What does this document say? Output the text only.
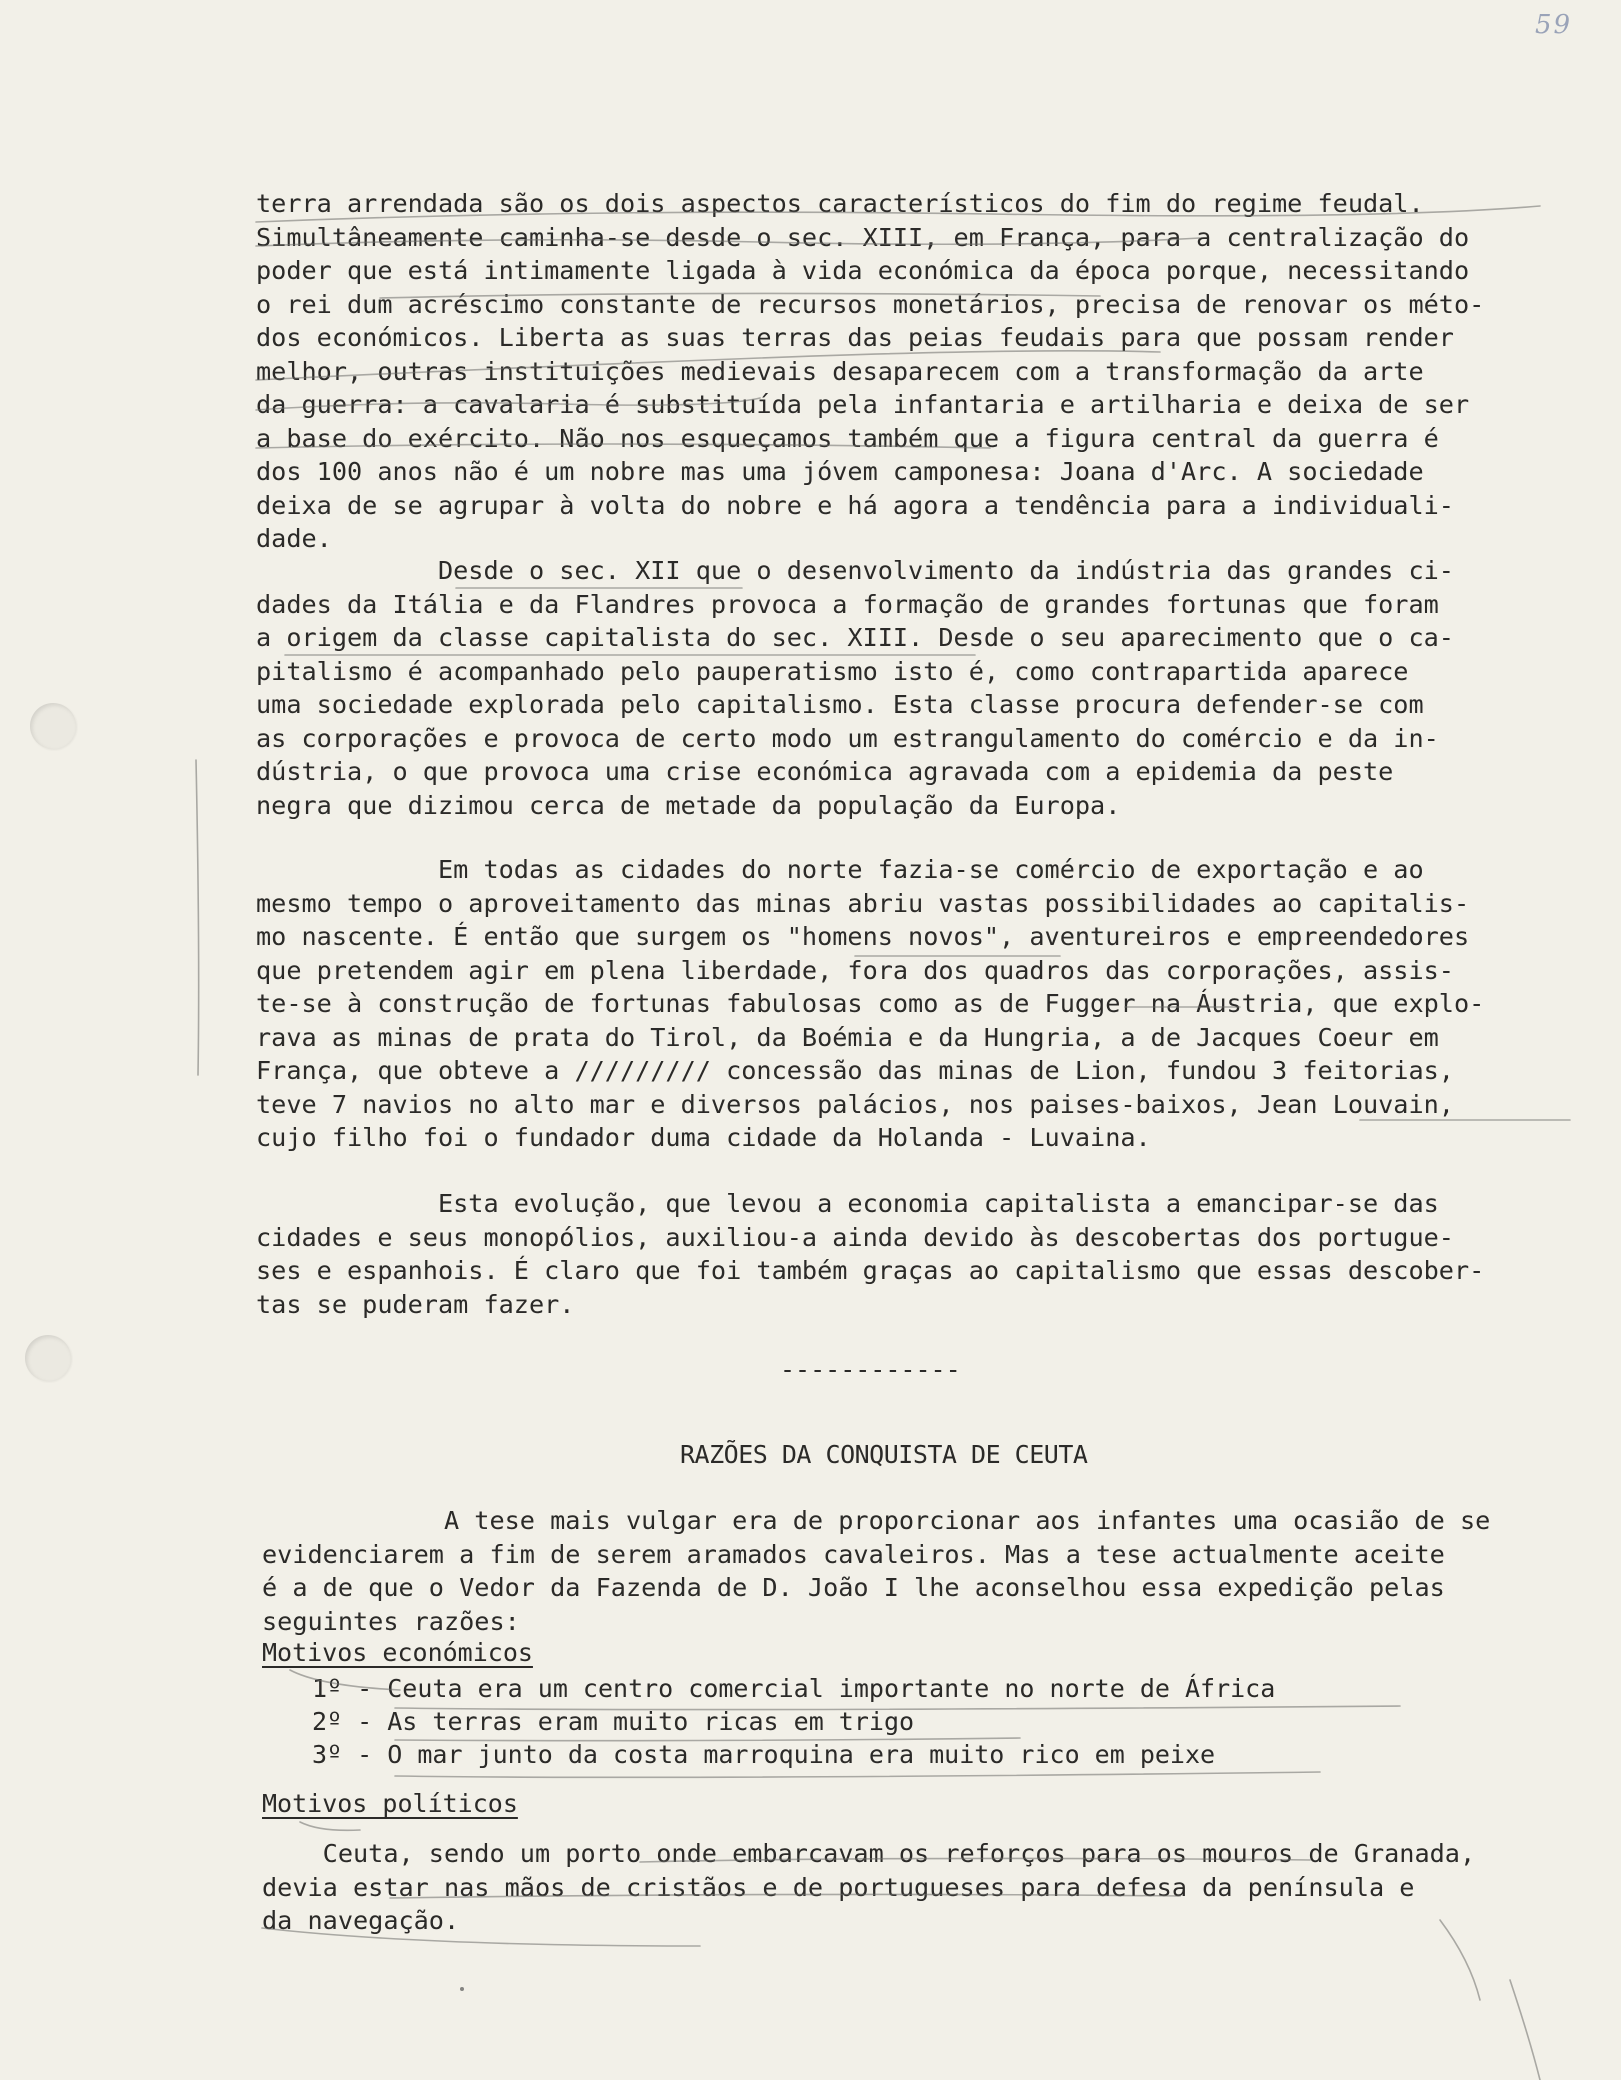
59
terra arrendada são os dois aspectos característicos do fim do regime feudal.
Simultâneamente caminha-se desde o sec. XIII, em França, para a centralização do
poder que está intimamente ligada à vida económica da época porque, necessitando
o rei dum acréscimo constante de recursos monetários, precisa de renovar os méto-
dos económicos. Liberta as suas terras das peias feudais para que possam render
melhor, outras instituições medievais desaparecem com a transformação da arte
da guerra: a cavalaria é substituída pela infantaria e artilharia e deixa de ser
a base do exército. Não nos esqueçamos também que a figura central da guerra é
dos 100 anos não é um nobre mas uma jóvem camponesa: Joana d'Arc. A sociedade
deixa de se agrupar à volta do nobre e há agora a tendência para a individuali-
dade.
Desde o sec. XII que o desenvolvimento da indústria das grandes ci-
dades da Itália e da Flandres provoca a formação de grandes fortunas que foram
a origem da classe capitalista do sec. XIII. Desde o seu aparecimento que o ca-
pitalismo é acompanhado pelo pauperatismo isto é, como contrapartida aparece
uma sociedade explorada pelo capitalismo. Esta classe procura defender-se com
as corporações e provoca de certo modo um estrangulamento do comércio e da in-
dústria, o que provoca uma crise económica agravada com a epidemia da peste
negra que dizimou cerca de metade da população da Europa.
Em todas as cidades do norte fazia-se comércio de exportação e ao
mesmo tempo o aproveitamento das minas abriu vastas possibilidades ao capitalis-
mo nascente. É então que surgem os "homens novos", aventureiros e empreendedores
que pretendem agir em plena liberdade, fora dos quadros das corporações, assis-
te-se à construção de fortunas fabulosas como as de Fugger na Áustria, que explo-
rava as minas de prata do Tirol, da Boémia e da Hungria, a de Jacques Coeur em
França, que obteve a ///////// concessão das minas de Lion, fundou 3 feitorias,
teve 7 navios no alto mar e diversos palácios, nos paises-baixos, Jean Louvain,
cujo filho foi o fundador duma cidade da Holanda - Luvaina.
Esta evolução, que levou a economia capitalista a emancipar-se das
cidades e seus monopólios, auxiliou-a ainda devido às descobertas dos portugue-
ses e espanhois. É claro que foi também graças ao capitalismo que essas descober-
tas se puderam fazer.
------------
RAZÕES DA CONQUISTA DE CEUTA
A tese mais vulgar era de proporcionar aos infantes uma ocasião de se
evidenciarem a fim de serem aramados cavaleiros. Mas a tese actualmente aceite
é a de que o Vedor da Fazenda de D. João I lhe aconselhou essa expedição pelas
seguintes razões:
Motivos económicos
1º - Ceuta era um centro comercial importante no norte de África
2º - As terras eram muito ricas em trigo
3º - O mar junto da costa marroquina era muito rico em peixe
Motivos políticos
Ceuta, sendo um porto onde embarcavam os reforços para os mouros de Granada,
devia estar nas mãos de cristãos e de portugueses para defesa da península e
da navegação.
